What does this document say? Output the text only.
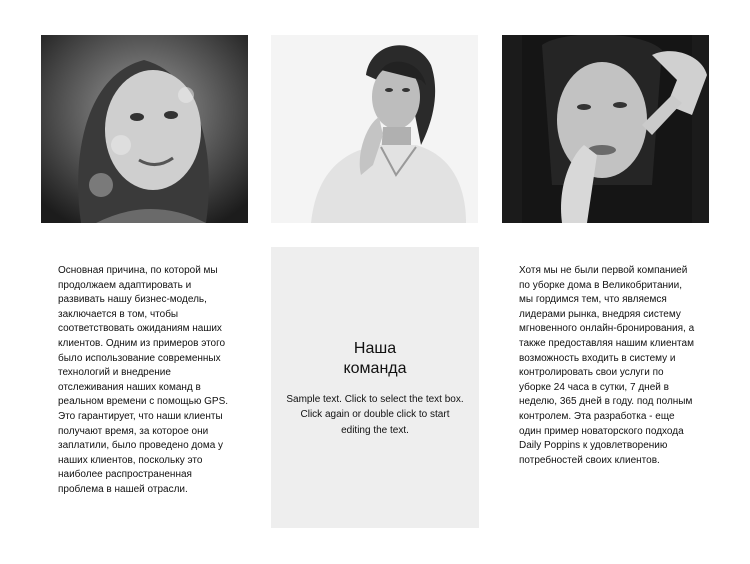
Основная причина, по которой мы продолжаем адаптировать и развивать нашу бизнес-модель, заключается в том, чтобы соответствовать ожиданиям наших клиентов. Одним из примеров этого было использование современных технологий и внедрение отслеживания наших команд в реальном времени с помощью GPS. Это гарантирует, что наши клиенты получают время, за которое они заплатили, было проведено дома у наших клиентов, поскольку это наиболее распространенная проблема в нашей отрасли.
Наша
команда
Sample text. Click to select the text box. Click again or double click to start editing the text.
Хотя мы не были первой компанией по уборке дома в Великобритании, мы гордимся тем, что являемся лидерами рынка, внедряя систему мгновенного онлайн-бронирования, а также предоставляя нашим клиентам возможность входить в систему и контролировать свои услуги по уборке 24 часа в сутки, 7 дней в неделю, 365 дней в году. под полным контролем. Эта разработка - еще один пример новаторского подхода Daily Poppins к удовлетворению потребностей своих клиентов.
